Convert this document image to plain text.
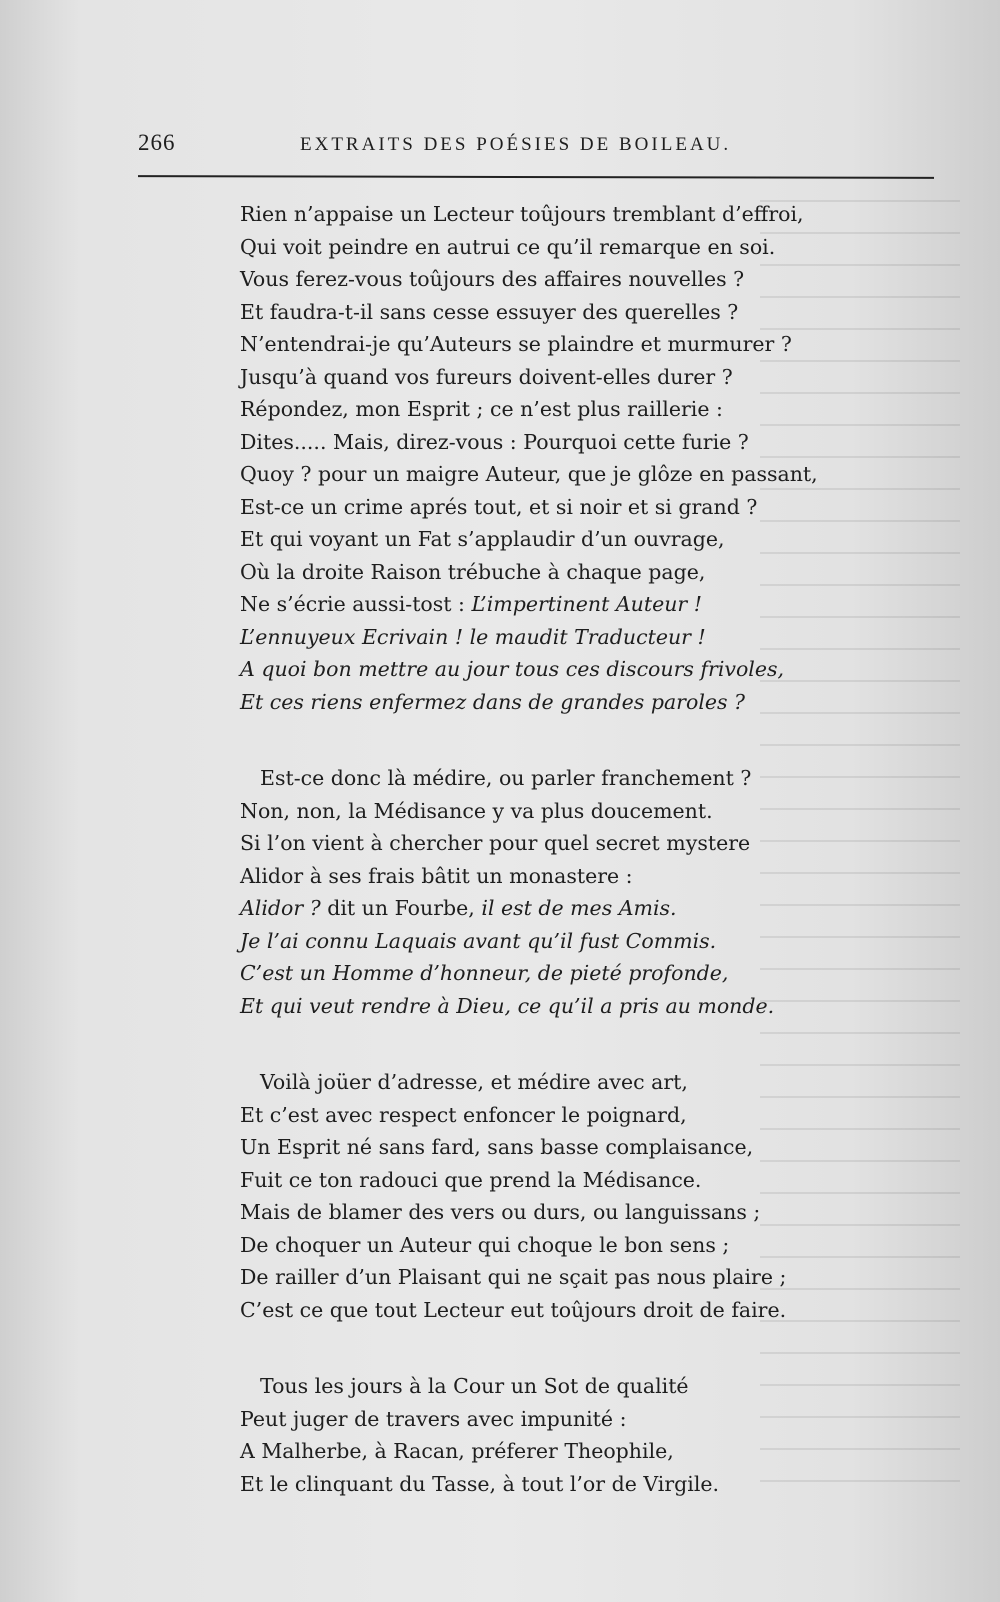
266	EXTRAITS DES POÉSIES DE BOILEAU.
Rien n’appaise un Lecteur toûjours tremblant d’effroi,
Qui voit peindre en autrui ce qu’il remarque en soi.
Vous ferez-vous toûjours des affaires nouvelles ?
Et faudra-t-il sans cesse essuyer des querelles ?
N’entendrai-je qu’Auteurs se plaindre et murmurer ?
Jusqu’à quand vos fureurs doivent-elles durer ?
Répondez, mon Esprit ; ce n’est plus raillerie :
Dites..... Mais, direz-vous : Pourquoi cette furie ?
Quoy ? pour un maigre Auteur, que je glôze en passant,
Est-ce un crime aprés tout, et si noir et si grand ?
Et qui voyant un Fat s’applaudir d’un ouvrage,
Où la droite Raison trébuche à chaque page,
Ne s’écrie aussi-tost : L’impertinent Auteur !
L’ennuyeux Ecrivain ! le maudit Traducteur !
A quoi bon mettre au jour tous ces discours frivoles,
Et ces riens enfermez dans de grandes paroles ?
Est-ce donc là médire, ou parler franchement ?
Non, non, la Médisance y va plus doucement.
Si l’on vient à chercher pour quel secret mystere
Alidor à ses frais bâtit un monastere :
Alidor ? dit un Fourbe, il est de mes Amis.
Je l’ai connu Laquais avant qu’il fust Commis.
C’est un Homme d’honneur, de pieté profonde,
Et qui veut rendre à Dieu, ce qu’il a pris au monde.
Voilà joüer d’adresse, et médire avec art,
Et c’est avec respect enfoncer le poignard,
Un Esprit né sans fard, sans basse complaisance,
Fuit ce ton radouci que prend la Médisance.
Mais de blamer des vers ou durs, ou languissans ;
De choquer un Auteur qui choque le bon sens ;
De railler d’un Plaisant qui ne sçait pas nous plaire ;
C’est ce que tout Lecteur eut toûjours droit de faire.
Tous les jours à la Cour un Sot de qualité
Peut juger de travers avec impunité :
A Malherbe, à Racan, préferer Theophile,
Et le clinquant du Tasse, à tout l’or de Virgile.
